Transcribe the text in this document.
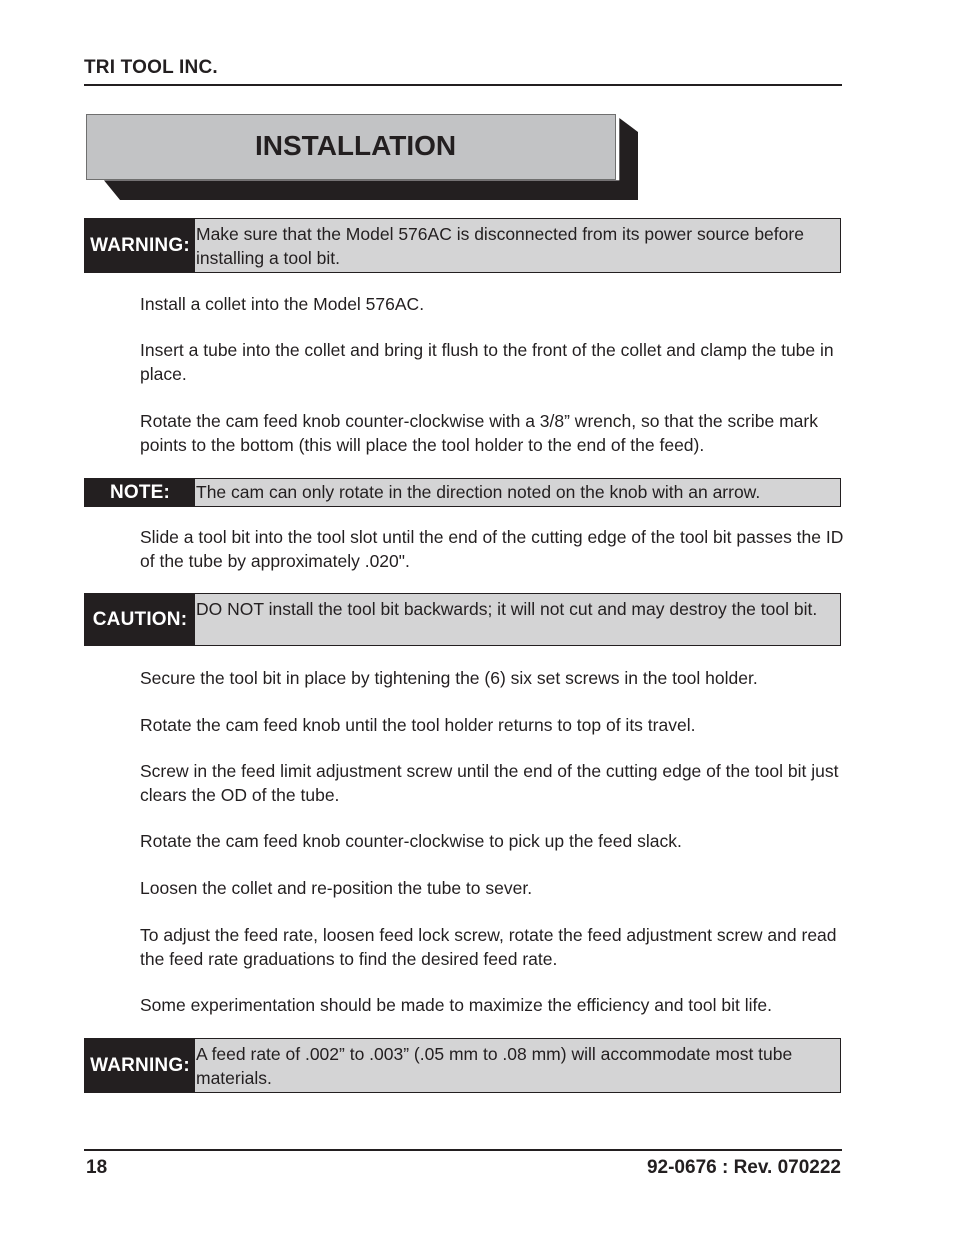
TRI TOOL INC.
INSTALLATION
WARNING:
Make sure that the Model 576AC is disconnected from its power source before installing a tool bit.
Install a collet into the Model 576AC.
Insert a tube into the collet and bring it flush to the front of the collet and clamp the tube in place.
Rotate the cam feed knob counter-clockwise with a 3/8” wrench, so that the scribe mark points to the bottom (this will place the tool holder to the end of the feed).
NOTE:	The cam can only rotate in the direction noted on the knob with an arrow.
Slide a tool bit into the tool slot until the end of the cutting edge of the tool bit passes the ID of the tube by approximately .020".
CAUTION: DO NOT install the tool bit backwards; it will not cut and may destroy the tool bit.
Secure the tool bit in place by tightening the (6) six set screws in the tool holder.
Rotate the cam feed knob until the tool holder returns to top of its travel.
Screw in the feed limit adjustment screw until the end of the cutting edge of the tool bit just clears the OD of the tube.
Rotate the cam feed knob counter-clockwise to pick up the feed slack.
Loosen the collet and re-position the tube to sever.
To adjust the feed rate, loosen feed lock screw, rotate the feed adjustment screw and read the feed rate graduations to find the desired feed rate.
Some experimentation should be made to maximize the efficiency and tool bit life.
WARNING:
A feed rate of .002” to .003” (.05 mm to .08 mm) will accommodate most tube materials.
18	92-0676 : Rev. 070222
